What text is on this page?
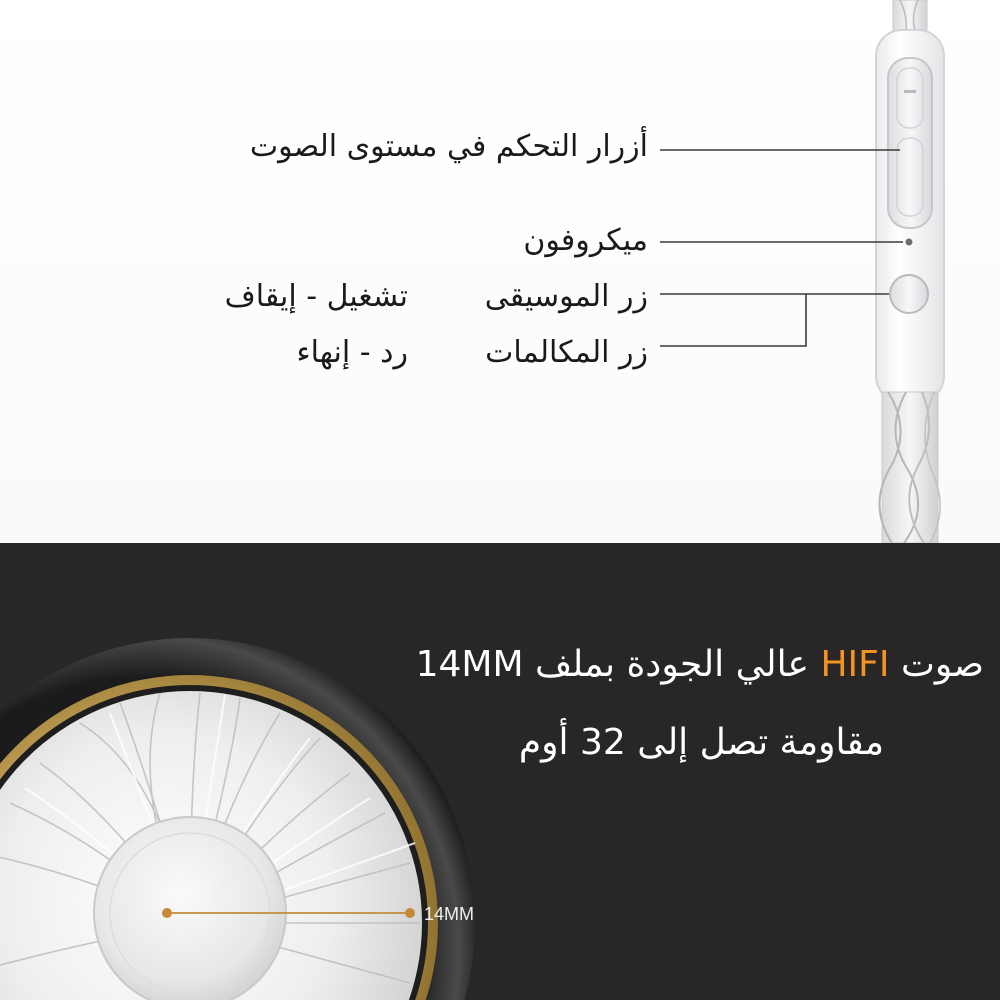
أزرار التحكم في مستوى الصوت
ميكروفون
زر الموسيقى
تشغيل - إيقاف
زر المكالمات
رد - إنهاء
صوت HIFI عالي الجودة بملف 14MM
مقاومة تصل إلى 32 أوم
14MM
